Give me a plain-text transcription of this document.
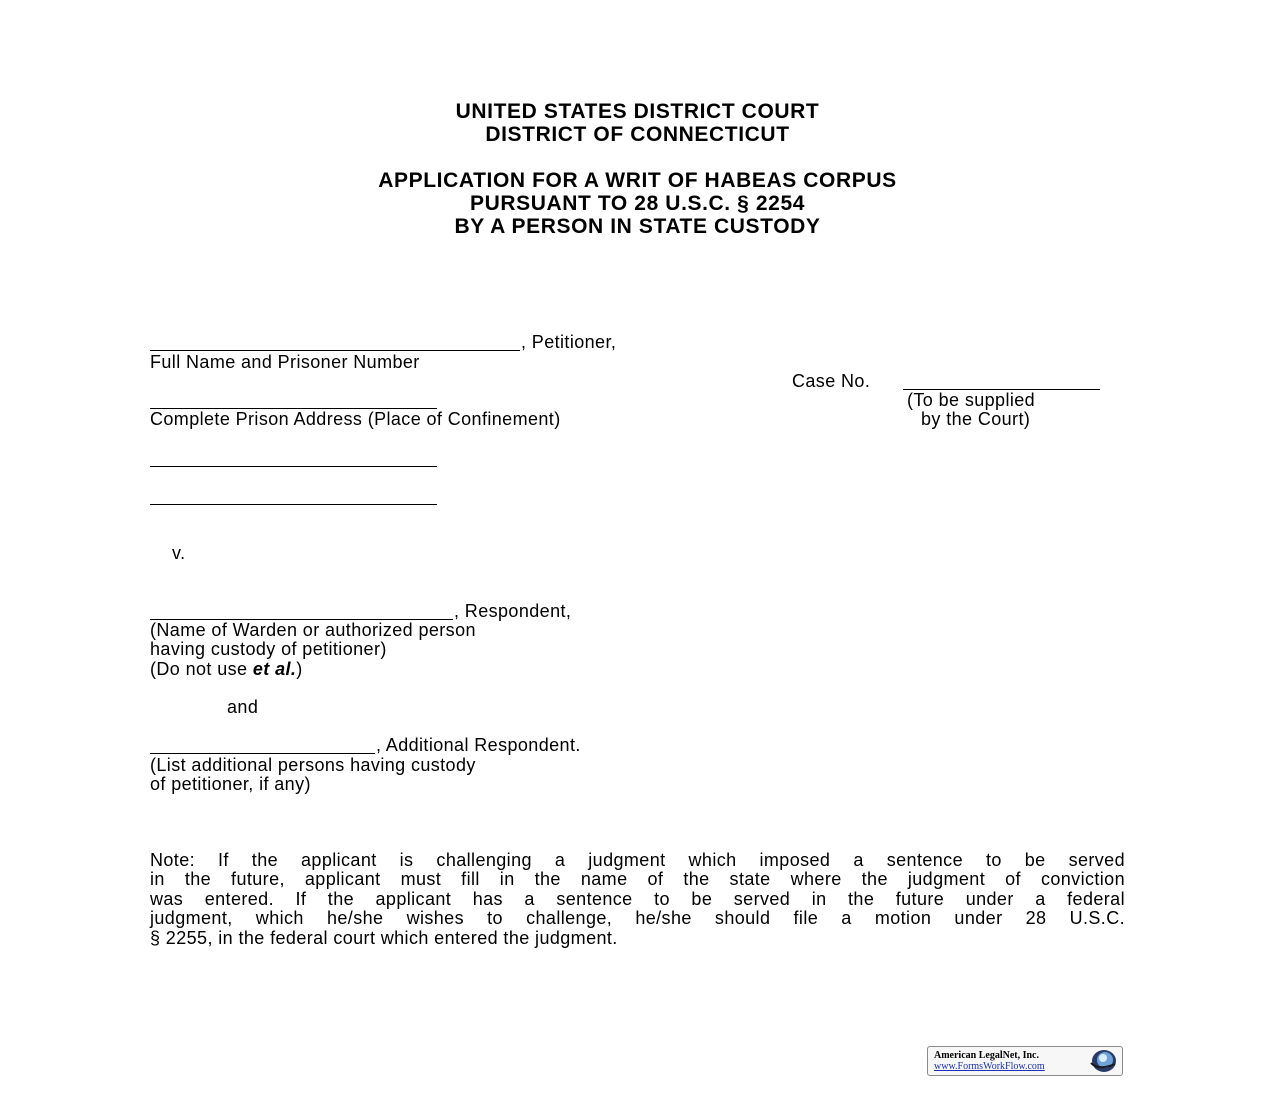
UNITED STATES DISTRICT COURT
DISTRICT OF CONNECTICUT
APPLICATION FOR A WRIT OF HABEAS CORPUS
PURSUANT TO 28 U.S.C. § 2254
BY A PERSON IN STATE CUSTODY
, Petitioner,
Full Name and Prisoner Number
Complete Prison Address (Place of Confinement)
Case No.
(To be supplied
by the Court)
v.
, Respondent,
(Name of Warden or authorized person
having custody of petitioner)
(Do not use et al.)
and
, Additional Respondent.
(List additional persons having custody
of petitioner, if any)
Note: If the applicant is challenging a judgment which imposed a sentence to be served
in the future, applicant must fill in the name of the state where the judgment of conviction
was entered. If the applicant has a sentence to be served in the future under a federal
judgment, which he/she wishes to challenge, he/she should file a motion under 28 U.S.C.
§ 2255, in the federal court which entered the judgment.
American LegalNet, Inc.
www.FormsWorkFlow.com
